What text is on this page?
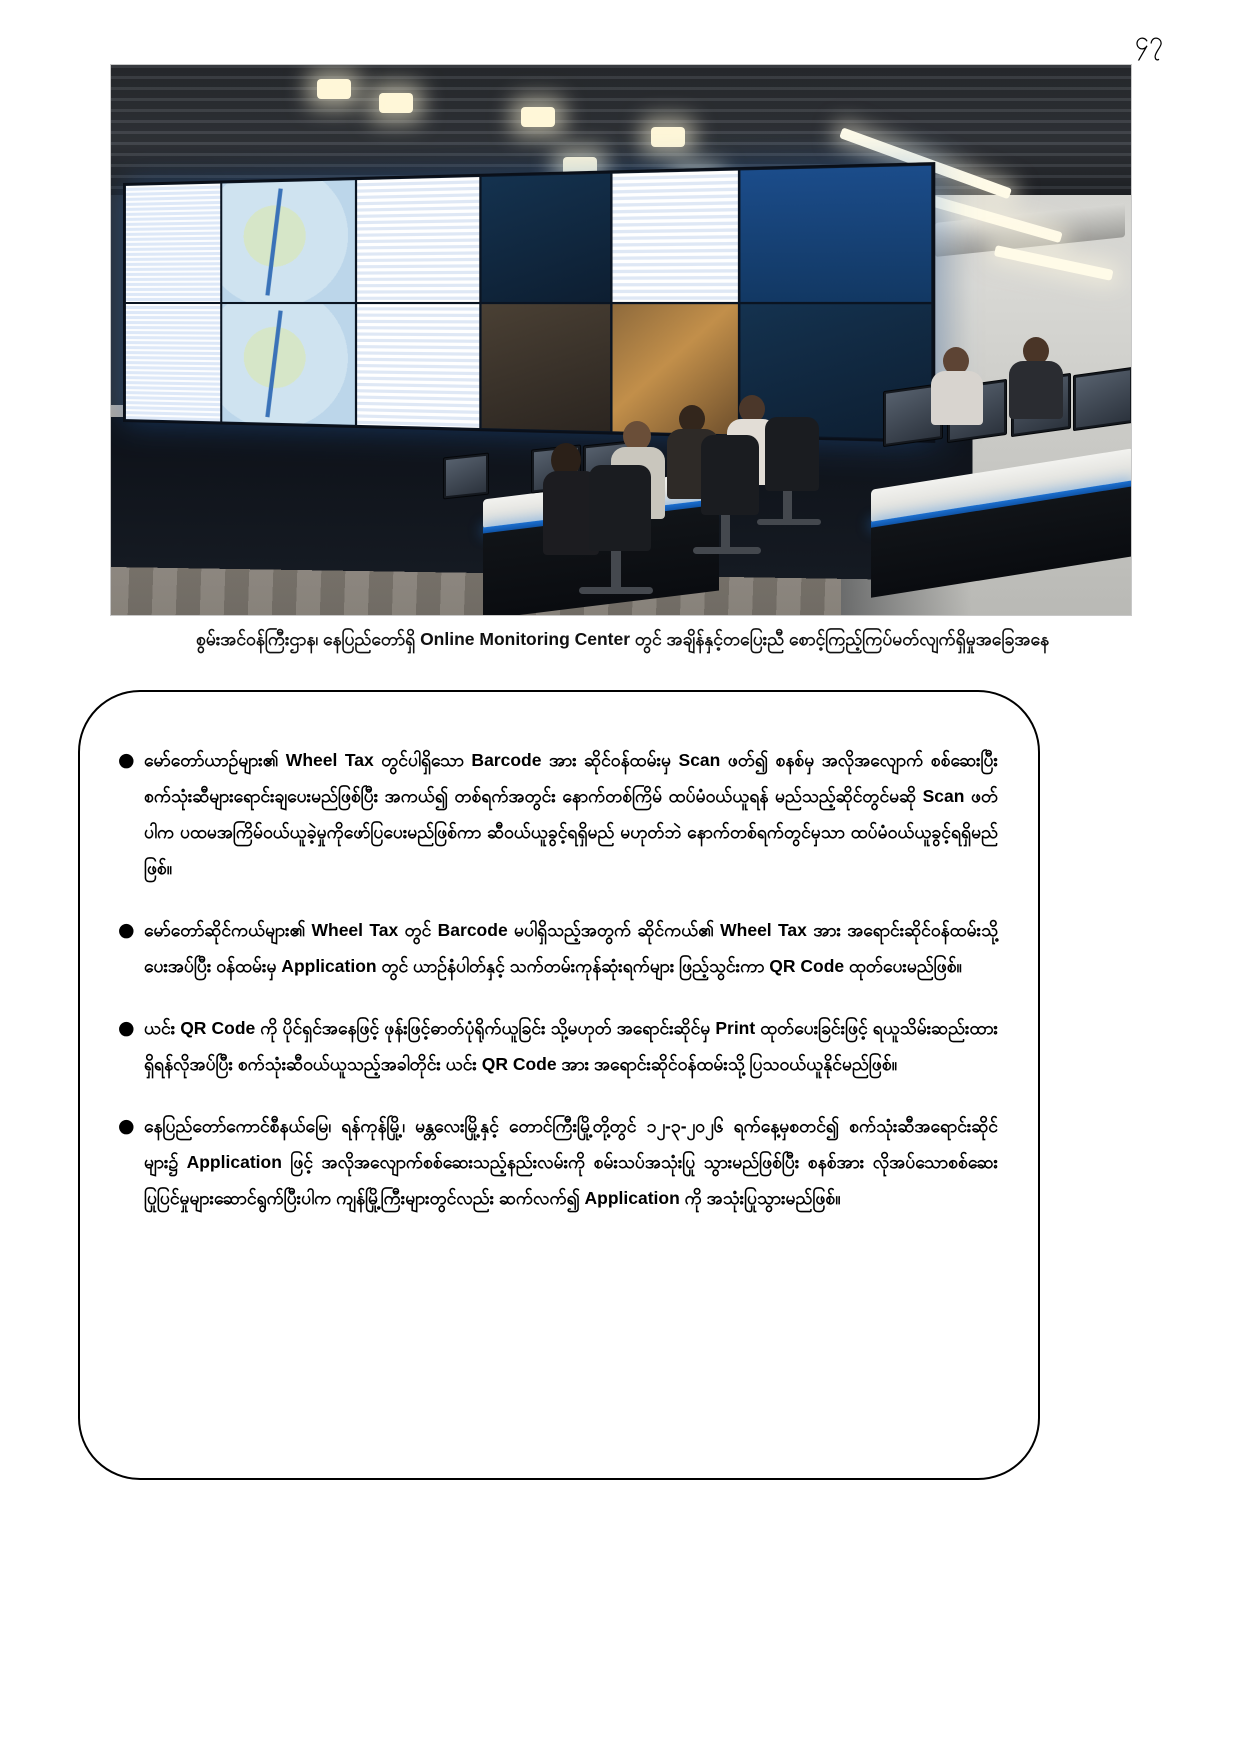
၄၇
စွမ်းအင်ဝန်ကြီးဌာန၊ နေပြည်တော်ရှိ Online Monitoring Center တွင် အချိန်နှင့်တပြေးညီ စောင့်ကြည့်ကြပ်မတ်လျက်ရှိမှုအခြေအနေ
● မော်တော်ယာဉ်များ၏ Wheel Tax တွင်ပါရှိသော Barcode အား ဆိုင်ဝန်ထမ်းမှ Scan ဖတ်၍ စနစ်မှ အလိုအလျောက် စစ်ဆေးပြီး စက်သုံးဆီများရောင်းချပေးမည်ဖြစ်ပြီး အကယ်၍ တစ်ရက်အတွင်း နောက်တစ်ကြိမ် ထပ်မံဝယ်ယူရန် မည်သည့်ဆိုင်တွင်မဆို Scan ဖတ်ပါက ပထမအကြိမ်ဝယ်ယူခဲ့မှုကိုဖော်ပြပေးမည်ဖြစ်ကာ ဆီဝယ်ယူခွင့်ရရှိမည် မဟုတ်ဘဲ နောက်တစ်ရက်တွင်မှသာ ထပ်မံဝယ်ယူခွင့်ရရှိမည်ဖြစ်။
● မော်တော်ဆိုင်ကယ်များ၏ Wheel Tax တွင် Barcode မပါရှိသည့်အတွက် ဆိုင်ကယ်၏ Wheel Tax အား အရောင်းဆိုင်ဝန်ထမ်းသို့ပေးအပ်ပြီး ဝန်ထမ်းမှ Application တွင် ယာဉ်နံပါတ်နှင့် သက်တမ်းကုန်ဆုံးရက်များ ဖြည့်သွင်းကာ QR Code ထုတ်ပေးမည်ဖြစ်။
● ယင်း QR Code ကို ပိုင်ရှင်အနေဖြင့် ဖုန်းဖြင့်ဓာတ်ပုံရိုက်ယူခြင်း သို့မဟုတ် အရောင်းဆိုင်မှ Print ထုတ်ပေးခြင်းဖြင့် ရယူသိမ်းဆည်းထားရှိရန်လိုအပ်ပြီး စက်သုံးဆီဝယ်ယူသည့်အခါတိုင်း ယင်း QR Code အား အရောင်းဆိုင်ဝန်ထမ်းသို့ ပြသဝယ်ယူနိုင်မည်ဖြစ်။
● နေပြည်တော်ကောင်စီနယ်မြေ၊ ရန်ကုန်မြို့၊ မန္တလေးမြို့နှင့် တောင်ကြီးမြို့တို့တွင် ၁၂-၃-၂၀၂၆ ရက်နေ့မှစတင်၍ စက်သုံးဆီအရောင်းဆိုင်များ၌ Application ဖြင့် အလိုအလျောက်စစ်ဆေးသည့်နည်းလမ်းကို စမ်းသပ်အသုံးပြု သွားမည်ဖြစ်ပြီး စနစ်အား လိုအပ်သောစစ်ဆေးပြုပြင်မှုများဆောင်ရွက်ပြီးပါက ကျန်မြို့ကြီးများတွင်လည်း ဆက်လက်၍ Application ကို အသုံးပြုသွားမည်ဖြစ်။
